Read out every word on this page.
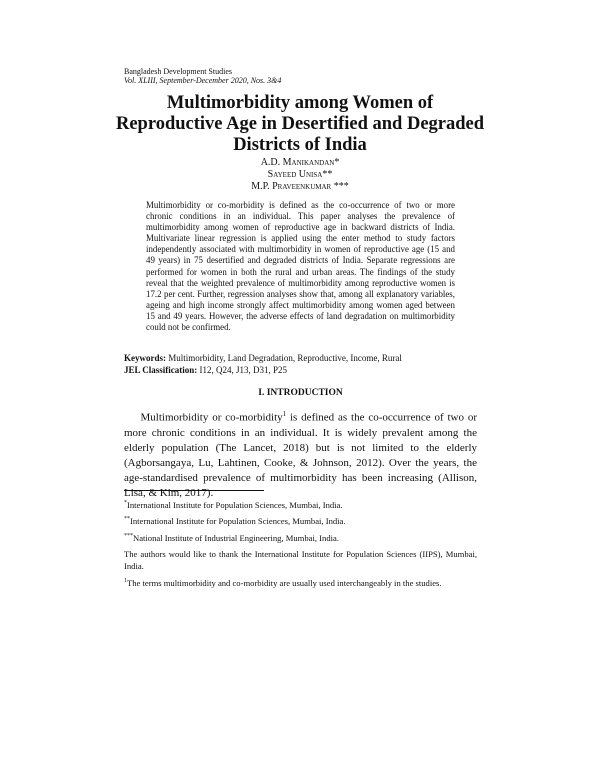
Bangladesh Development Studies
Vol. XLIII, September-December 2020, Nos. 3&4
Multimorbidity among Women of
Reproductive Age in Desertified and Degraded
Districts of India
A.D. Manikandan*
Sayeed Unisa**
M.P. Praveenkumar ***
Multimorbidity or co-morbidity is defined as the co-occurrence of two or more chronic conditions in an individual. This paper analyses the prevalence of multimorbidity among women of reproductive age in backward districts of India. Multivariate linear regression is applied using the enter method to study factors independently associated with multimorbidity in women of reproductive age (15 and 49 years) in 75 desertified and degraded districts of India. Separate regressions are performed for women in both the rural and urban areas. The findings of the study reveal that the weighted prevalence of multimorbidity among reproductive women is 17.2 per cent. Further, regression analyses show that, among all explanatory variables, ageing and high income strongly affect multimorbidity among women aged between 15 and 49 years. However, the adverse effects of land degradation on multimorbidity could not be confirmed.
Keywords: Multimorbidity, Land Degradation, Reproductive, Income, Rural
JEL Classification: I12, Q24, J13, D31, P25
I. INTRODUCTION
  Multimorbidity or co-morbidity$^1$ is defined as the co-occurrence of two or more chronic conditions in an individual. It is widely prevalent among the elderly population (The Lancet, 2018) but is not limited to the elderly (Agborsangaya, Lu, Lahtinen, Cooke, & Johnson, 2012). Over the years, the age-standardised prevalence of multimorbidity has been increasing (Allison, Lisa, & Kim, 2017).

*International Institute for Population Sciences, Mumbai, India.

**International Institute for Population Sciences, Mumbai, India.

***National Institute of Industrial Engineering, Mumbai, India.

The authors would like to thank the International Institute for Population Sciences (IIPS), Mumbai, India.

$^1$The terms multimorbidity and co-morbidity are usually used interchangeably in the studies.
